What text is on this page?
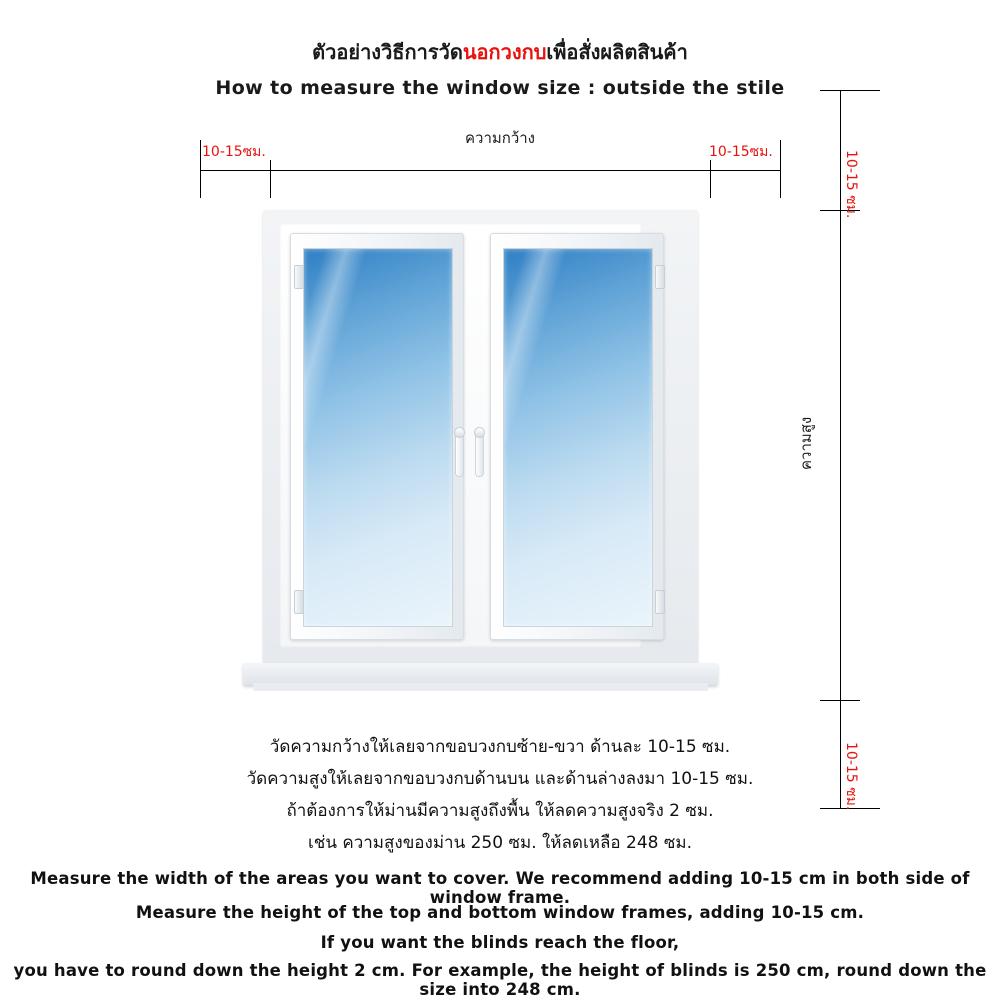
ตัวอย่างวิธีการวัดนอกวงกบเพื่อสั่งผลิตสินค้า
How to measure the window size : outside the stile
ความกว้าง
10-15ซม.	10-15ซม.	10-15 ซม.
10-15 ซม.
ความสูง
วัดความกว้างให้เลยจากขอบวงกบซ้าย-ขวา ด้านละ 10-15 ซม.
วัดความสูงให้เลยจากขอบวงกบด้านบน และด้านล่างลงมา 10-15 ซม.
ถ้าต้องการให้ม่านมีความสูงถึงพื้น ให้ลดความสูงจริง 2 ซม.
เช่น ความสูงของม่าน 250 ซม. ให้ลดเหลือ 248 ซม.
Measure the width of the areas you want to cover. We recommend adding 10-15 cm in both side of window frame.
Measure the height of the top and bottom window frames, adding 10-15 cm.
If you want the blinds reach the floor,
you have to round down the height 2 cm. For example, the height of blinds is 250 cm, round down the size into 248 cm.
